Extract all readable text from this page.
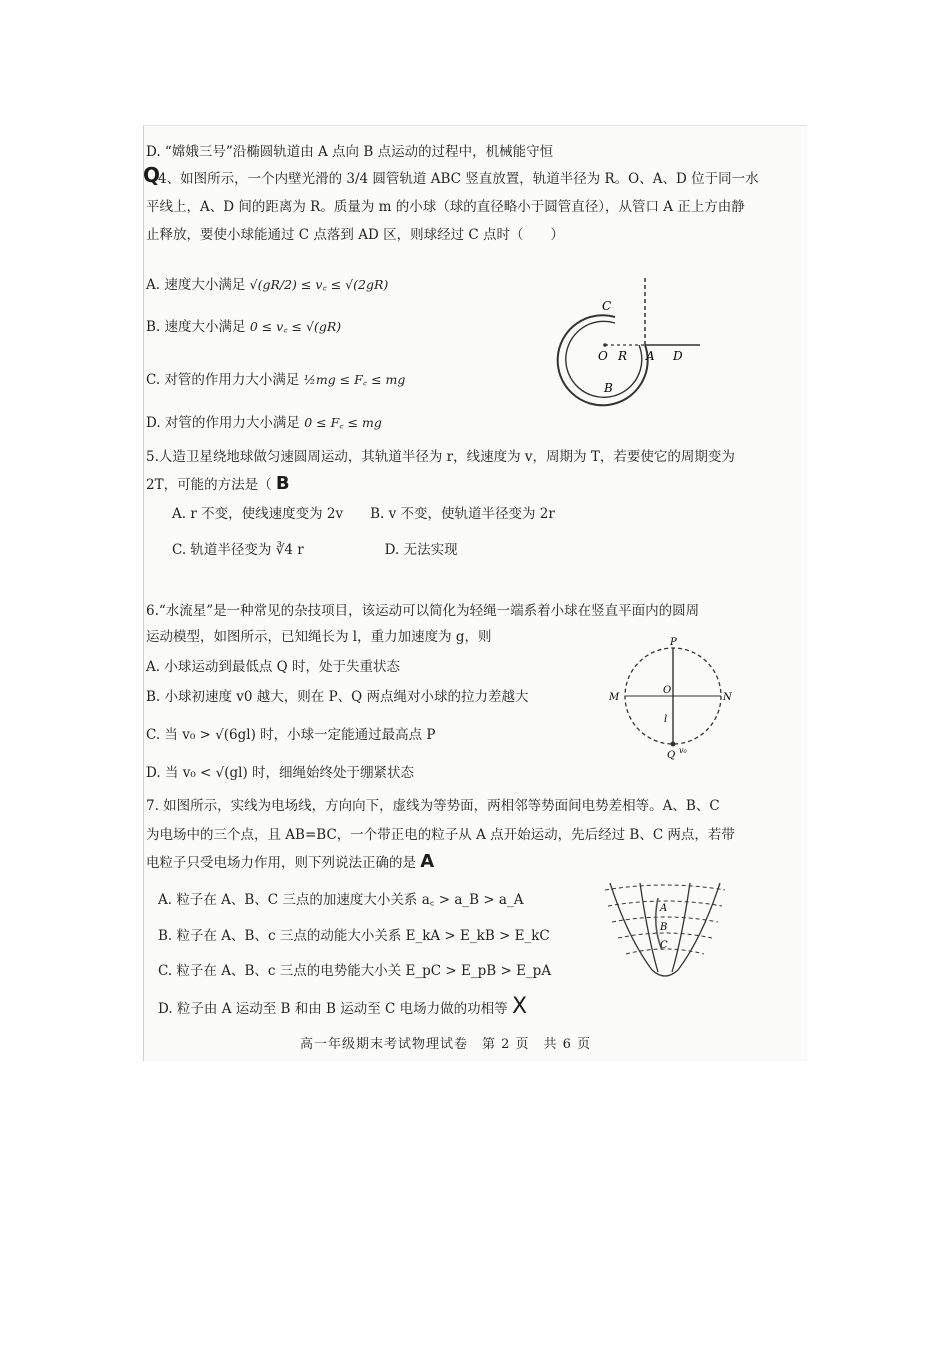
D. “嫦娥三号”沿椭圆轨道由 A 点向 B 点运动的过程中，机械能守恒
Q
4、如图所示，一个内壁光滑的 3/4 圆管轨道 ABC 竖直放置，轨道半径为 R。O、A、D 位于同一水
平线上，A、D 间的距离为 R。质量为 m 的小球（球的直径略小于圆管直径），从管口 A 正上方由静
止释放，要使小球能通过 C 点落到 AD 区，则球经过 C 点时（　　）
A. 速度大小满足 √(gR/2) ≤ v꜀ ≤ √(2gR)
B. 速度大小满足 0 ≤ v꜀ ≤ √(gR)
C. 对管的作用力大小满足 ½mg ≤ F꜀ ≤ mg
D. 对管的作用力大小满足 0 ≤ F꜀ ≤ mg
C
O R A D
B
5.人造卫星绕地球做匀速圆周运动，其轨道半径为 r，线速度为 v，周期为 T，若要使它的周期变为
2T，可能的方法是（ B
A. r 不变，使线速度变为 2v　　B. v 不变，使轨道半径变为 2r
C. 轨道半径变为 ∛4 r　　　　　　D. 无法实现
6.“水流星”是一种常见的杂技项目，该运动可以简化为轻绳一端系着小球在竖直平面内的圆周
运动模型，如图所示，已知绳长为 l，重力加速度为 g，则
A. 小球运动到最低点 Q 时，处于失重状态
B. 小球初速度 v0 越大，则在 P、Q 两点绳对小球的拉力差越大
C. 当 v₀ > √(6gl) 时，小球一定能通过最高点 P
D. 当 v₀ < √(gl) 时，细绳始终处于绷紧状态
P
O
M	N
l
Q v₀
7. 如图所示，实线为电场线，方向向下，虚线为等势面，两相邻等势面间电势差相等。A、B、C
为电场中的三个点，且 AB=BC，一个带正电的粒子从 A 点开始运动，先后经过 B、C 两点，若带
电粒子只受电场力作用，则下列说法正确的是 A
A. 粒子在 A、B、C 三点的加速度大小关系 a꜀ > a_B > a_A
B. 粒子在 A、B、c 三点的动能大小关系 E_kA > E_kB > E_kC
C. 粒子在 A、B、c 三点的电势能大小关 E_pC > E_pB > E_pA
D. 粒子由 A 运动至 B 和由 B 运动至 C 电场力做的功相等 X
A
B
C
高一年级期末考试物理试卷　第 2 页　共 6 页
